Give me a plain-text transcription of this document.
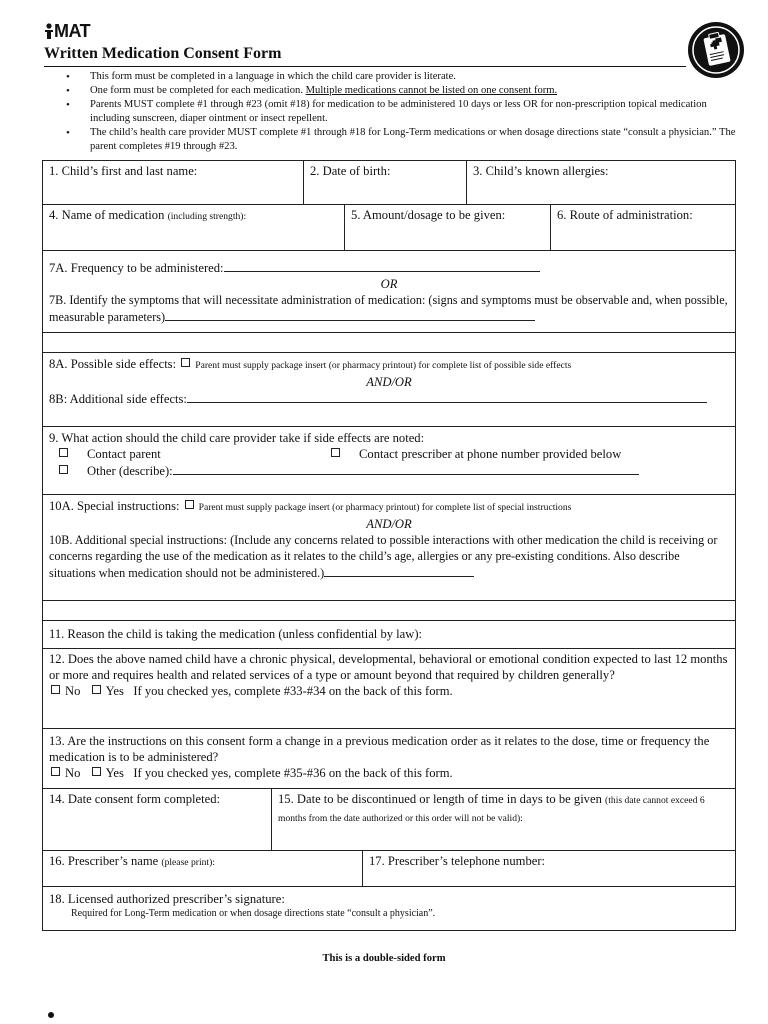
MAT
Written Medication Consent Form
• This form must be completed in a language in which the child care provider is literate.
• One form must be completed for each medication. Multiple medications cannot be listed on one consent form.
• Parents MUST complete #1 through #23 (omit #18) for medication to be administered 10 days or less OR for non-prescription topical medication including sunscreen, diaper ointment or insect repellent.
• The child’s health care provider MUST complete #1 through #18 for Long-Term medications or when dosage directions state “consult a physician.” The parent completes #19 through #23.
1. Child’s first and last name:	2. Date of birth:	3. Child’s known allergies:
4. Name of medication (including strength):	5. Amount/dosage to be given:	6. Route of administration:
7A. Frequency to be administered:
OR
7B. Identify the symptoms that will necessitate administration of medication: (signs and symptoms must be observable and, when possible, measurable parameters)
8A. Possible side effects: Parent must supply package insert (or pharmacy printout) for complete list of possible side effects
AND/OR
8B: Additional side effects:
9. What action should the child care provider take if side effects are noted:
Contact parent	Contact prescriber at phone number provided below
Other (describe):
10A. Special instructions: Parent must supply package insert (or pharmacy printout) for complete list of special instructions
AND/OR
10B. Additional special instructions: (Include any concerns related to possible interactions with other medication the child is receiving or concerns regarding the use of the medication as it relates to the child’s age, allergies or any pre-existing conditions. Also describe situations when medication should not be administered.)
11. Reason the child is taking the medication (unless confidential by law):
12. Does the above named child have a chronic physical, developmental, behavioral or emotional condition expected to last 12 months or more and requires health and related services of a type or amount beyond that required by children generally?
No Yes If you checked yes, complete #33-#34 on the back of this form.
13. Are the instructions on this consent form a change in a previous medication order as it relates to the dose, time or frequency the medication is to be administered?
No Yes If you checked yes, complete #35-#36 on the back of this form.
14. Date consent form completed:	15. Date to be discontinued or length of time in days to be given (this date cannot exceed 6 months from the date authorized or this order will not be valid):
16. Prescriber’s name (please print):	17. Prescriber’s telephone number:
18. Licensed authorized prescriber’s signature:
Required for Long-Term medication or when dosage directions state “consult a physician”.
This is a double-sided form
